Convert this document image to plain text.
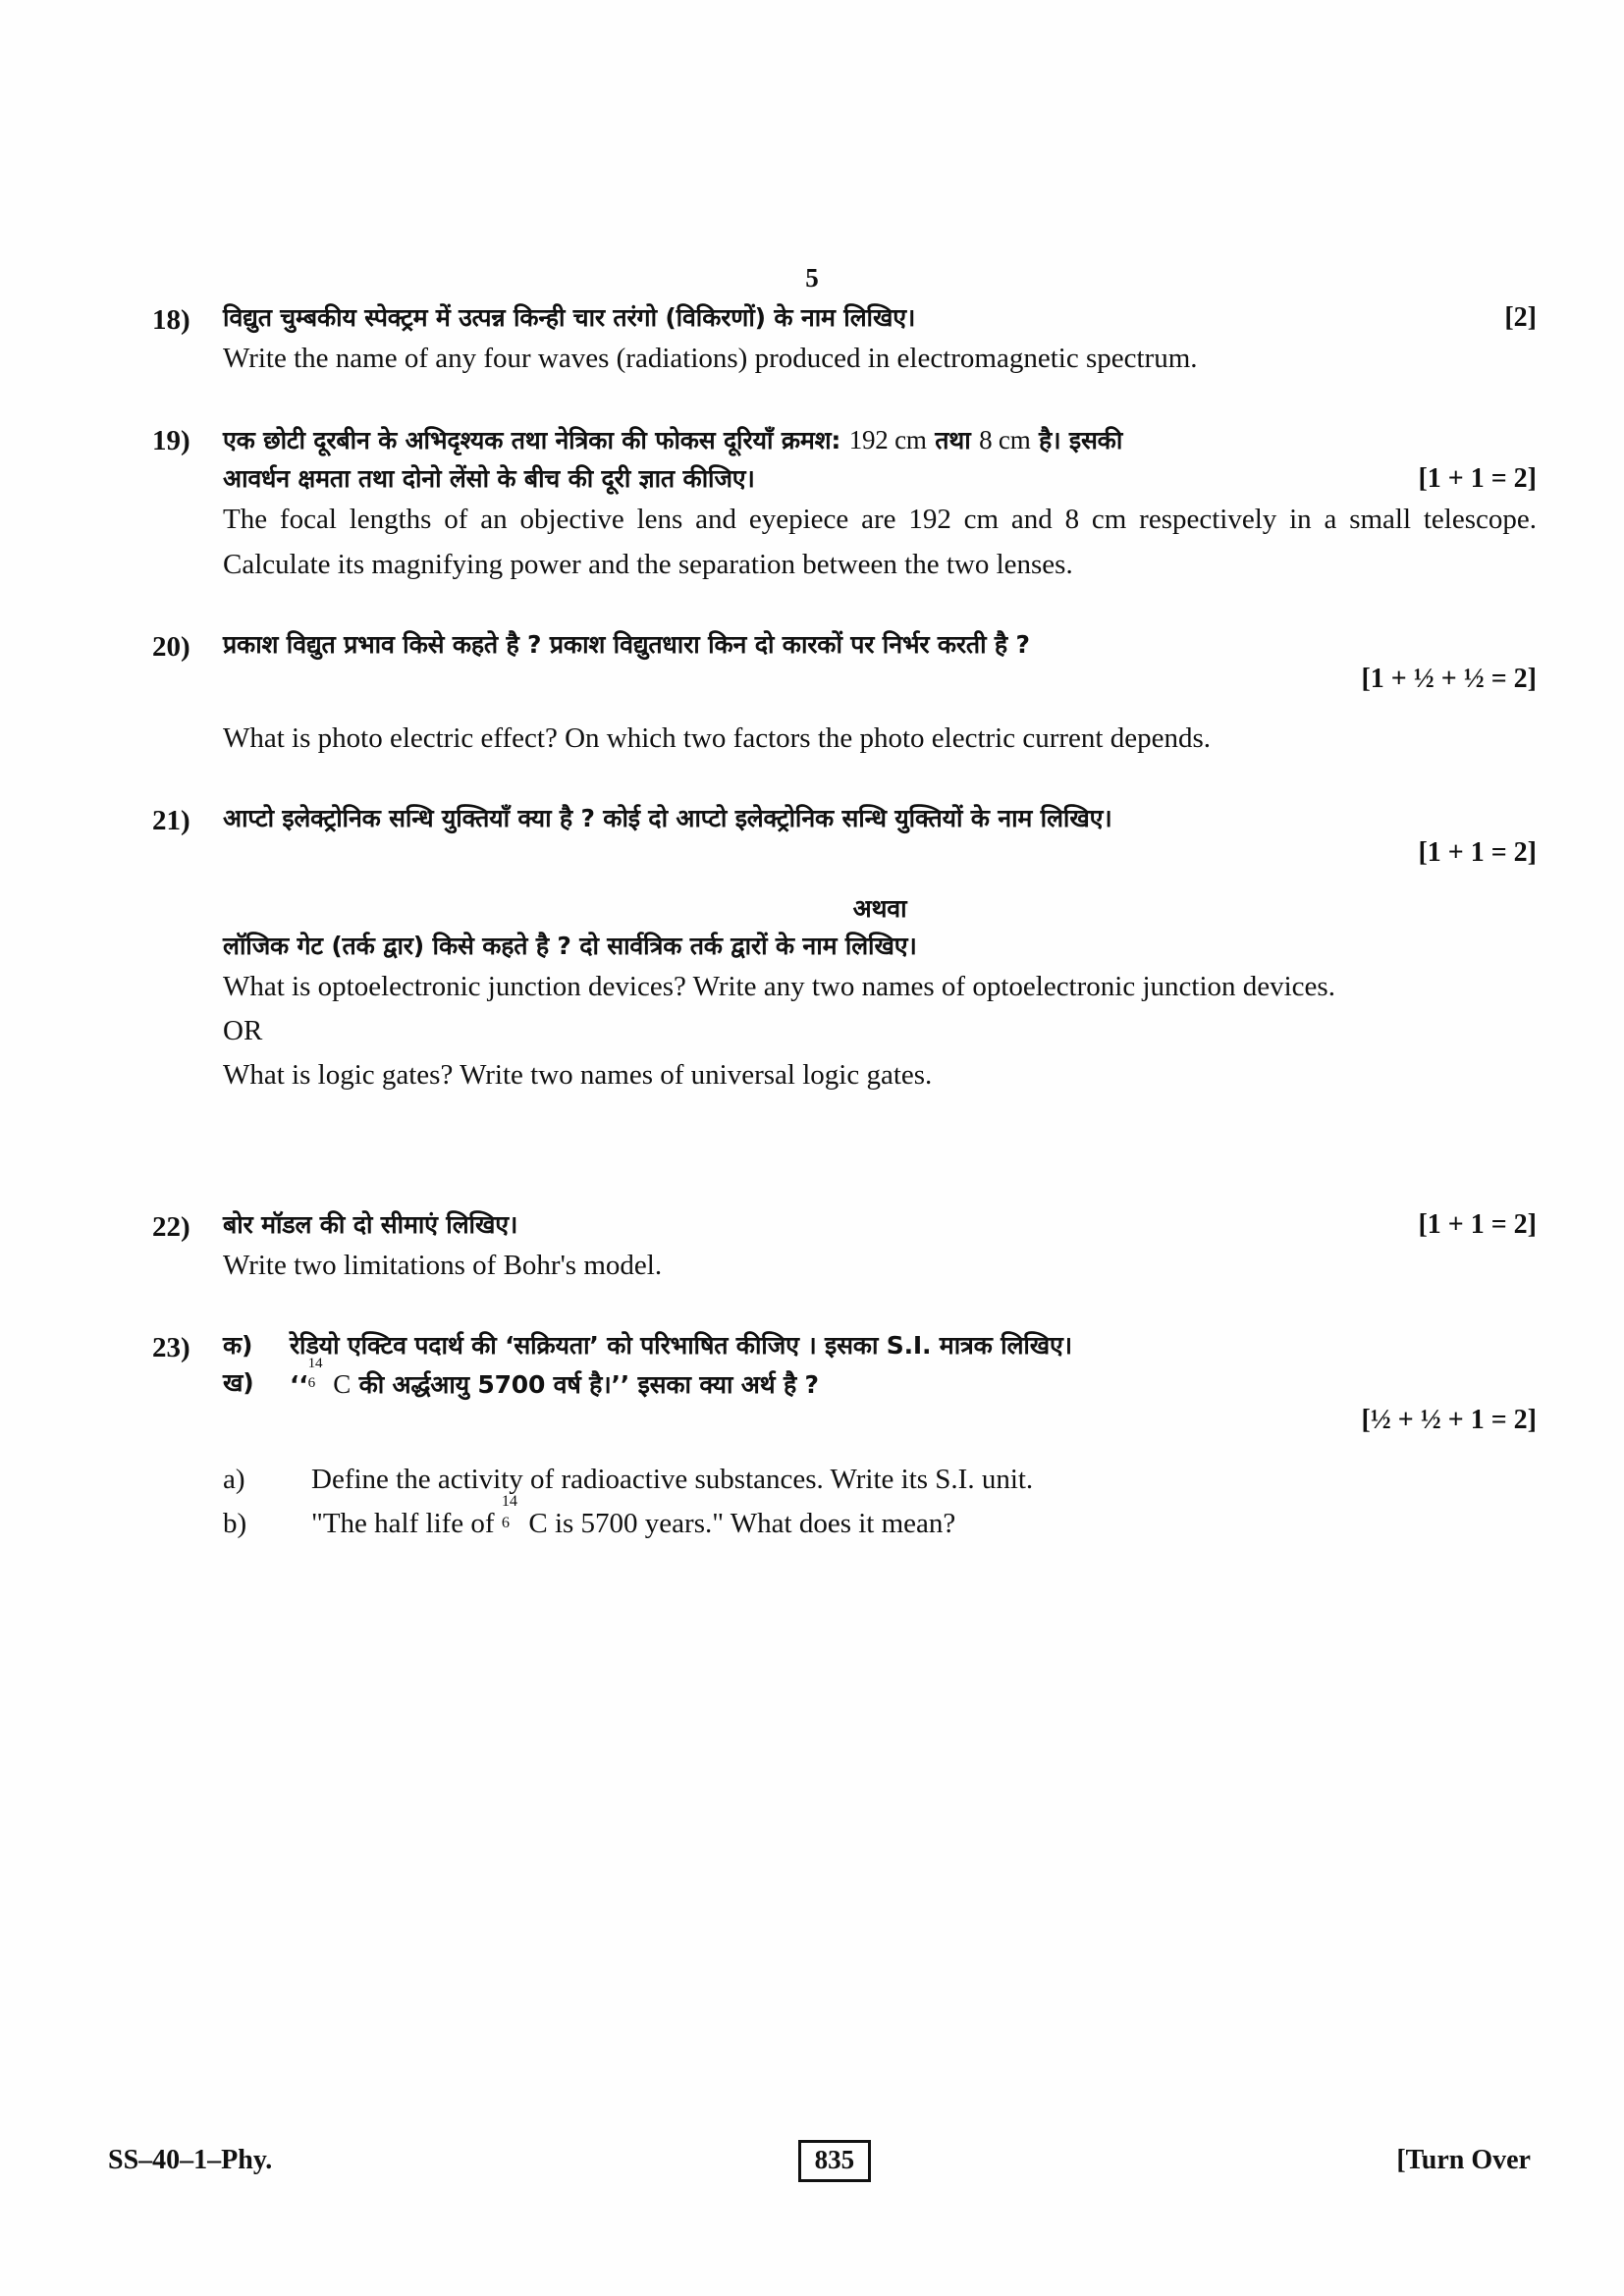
5
18)	विद्युत चुम्बकीय स्पेक्ट्रम में उत्पन्न किन्ही चार तरंगो (विकिरणों) के नाम लिखिए।	[2]
Write the name of any four waves (radiations) produced in electromagnetic spectrum.
19)	एक छोटी दूरबीन के अभिदृश्यक तथा नेत्रिका की फोकस दूरियाँ क्रमश: 192 cm तथा 8 cm है। इसकी
आवर्धन क्षमता तथा दोनो लेंसो के बीच की दूरी ज्ञात कीजिए।	[1 + 1 = 2]
The focal lengths of an objective lens and eyepiece are 192 cm and 8 cm respectively in a small telescope. Calculate its magnifying power and the separation between the two lenses.
20)	प्रकाश विद्युत प्रभाव किसे कहते है ? प्रकाश विद्युतधारा किन दो कारकों पर निर्भर करती है ?
[1 + ½ + ½ = 2]
What is photo electric effect? On which two factors the photo electric current depends.
21)	आप्टो इलेक्ट्रोनिक सन्धि युक्तियाँ क्या है ? कोई दो आप्टो इलेक्ट्रोनिक सन्धि युक्तियों के नाम लिखिए।
[1 + 1 = 2]
अथवा
लॉजिक गेट (तर्क द्वार) किसे कहते है ? दो सार्वत्रिक तर्क द्वारों के नाम लिखिए।
What is optoelectronic junction devices? Write any two names of optoelectronic junction devices.
OR
What is logic gates? Write two names of universal logic gates.
22)	बोर मॉडल की दो सीमाएं लिखिए।	[1 + 1 = 2]
Write two limitations of Bohr's model.
23)	क)	रेडियो एक्टिव पदार्थ की ‘सक्रियता’ को परिभाषित कीजिए । इसका S.I. मात्रक लिखिए।
ख)	‘‘
14
6 C की अर्द्धआयु 5700 वर्ष है।’’ इसका क्या अर्थ है ?
[½ + ½ + 1 = 2]
a)	Define the activity of radioactive substances. Write its S.I. unit.
b)	"The half life of
14
6 C is 5700 years." What does it mean?
SS–40–1–Phy.	835	[Turn Over
